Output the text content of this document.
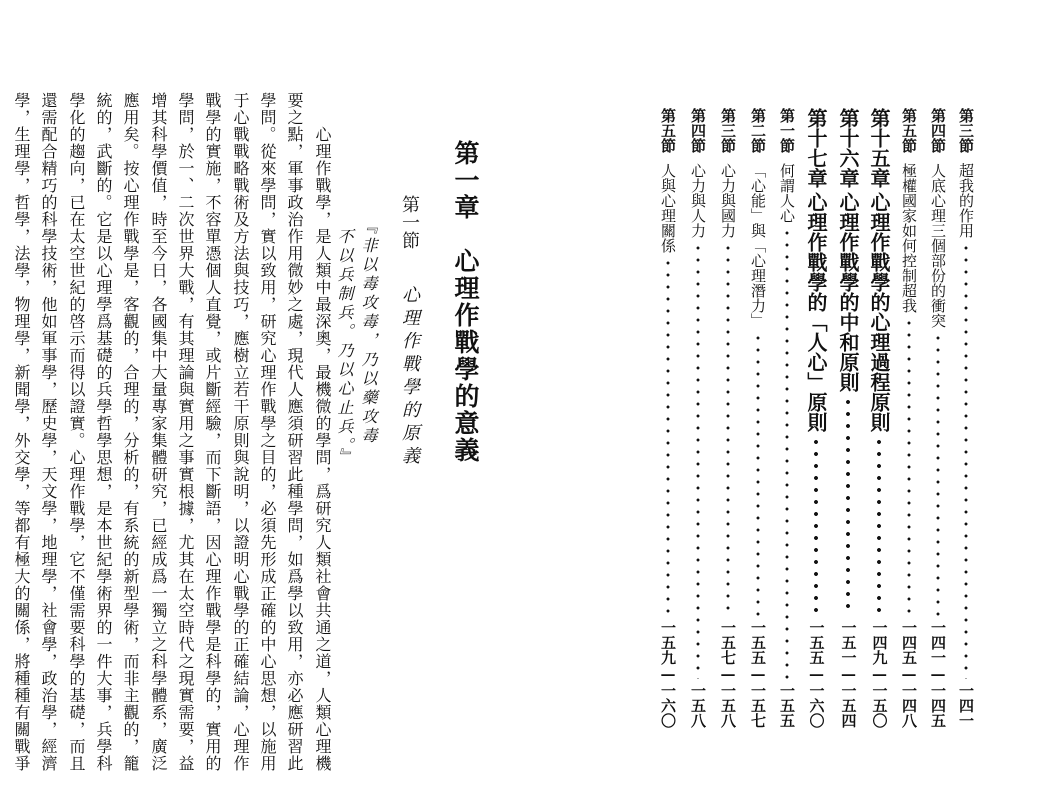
第三節
超我的作用
一四一
第四節
人底心理三個部份的衝突
一四一—一四五
第五節
極權國家如何控制超我
一四五—一四八
第十五章
心理作戰學的心理過程原則
一四九—一五〇
第十六章
心理作戰學的中和原則
一五一—一五四
第十七章
心理作戰學的「人心」原則
一五五—一六〇
第一節
何謂人心
一五五
第二節
「心能」與「心理潛力」
一五五—一五七
第三節
心力與國力
一五七—一五八
第四節
心力與人力
一五八
第五節
人與心理關係
一五九—一六〇
第一章　心理作戰學的意義
第一節
心理作戰學的原義
『非以毒攻毒，乃以藥攻毒
不以兵制兵。乃以心止兵。』
心理作戰學，是人類中最深奧，最機微的學問，爲研究人類社會共通之道，人類心理機
要之點，軍事政治作用微妙之處，現代人應須研習此種學問，如爲學以致用，亦必應研習此
學問。從來學問，實以致用，研究心理作戰學之目的，必須先形成正確的中心思想，以施用
于心戰戰略戰術及方法與技巧，應樹立若干原則與說明，以證明心戰學的正確結論，心理作
戰學的實施，不容單憑個人直覺，或片斷經驗，而下斷語，因心理作戰學是科學的，實用的
學問，於一、二次世界大戰，有其理論與實用之事實根據，尤其在太空時代之現實需要，益
增其科學價值，時至今日，各國集中大量專家集體研究，已經成爲一獨立之科學體系，廣泛
應用矣。按心理作戰學是，客觀的，合理的，分析的，有系統的新型學術，而非主觀的，籠
統的，武斷的。它是以心理學爲基礎的兵學哲學思想，是本世紀學術界的一件大事，兵學科
學化的趨向，已在太空世紀的啓示而得以證實。心理作戰學，它不僅需要科學的基礎，而且
還需配合精巧的科學技術，他如軍事學，歷史學，天文學，地理學，社會學，政治學，經濟
學，生理學，哲學，法學，物理學，新聞學，外交學，等都有極大的關係，將種種有關戰爭
